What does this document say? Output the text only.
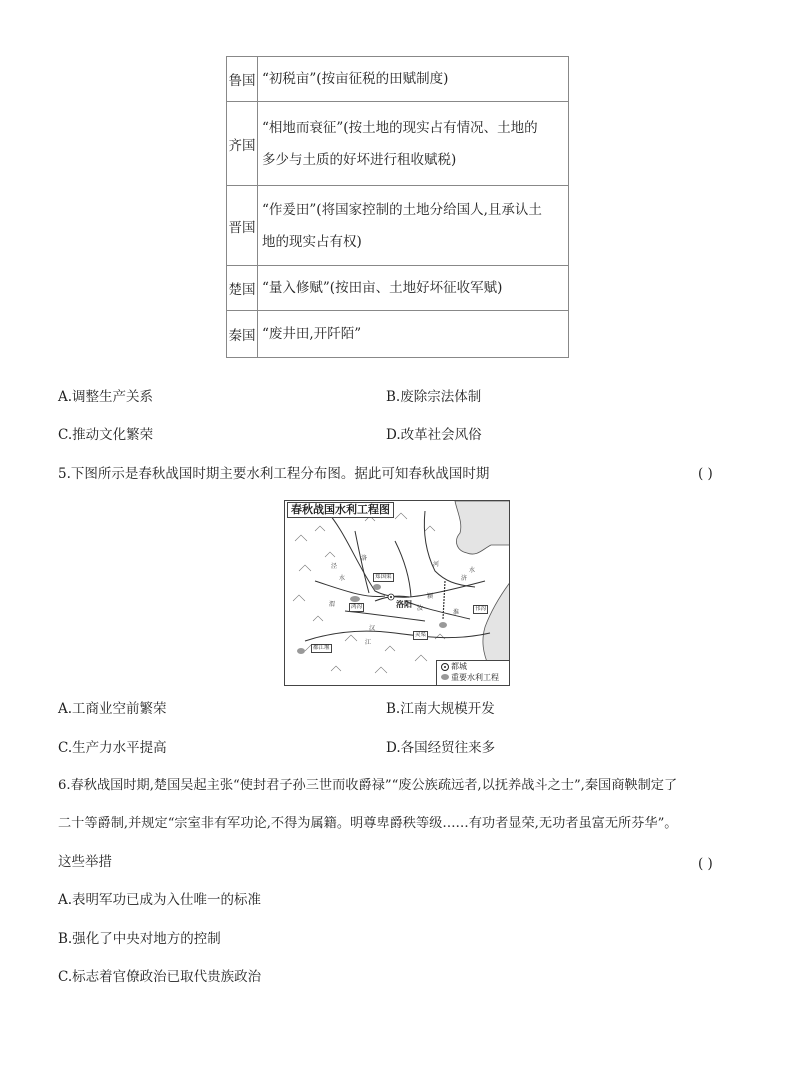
鲁国	“初税亩”(按亩征税的田赋制度)
齐国	“相地而衰征”(按土地的现实占有情况、土地的
多少与土质的好坏进行租收赋税)

晋国	“作爰田”(将国家控制的土地分给国人,且承认土
地的现实占有权)

楚国	“量入修赋”(按田亩、土地好坏征收军赋)
秦国	“废井田,开阡陌”
A.调整生产关系	B.废除宗法体制
C.推动文化繁荣	D.改革社会风俗
5.下图所示是春秋战国时期主要水利工程分布图。据此可知春秋战国时期	( )
春秋战国水利工程图
郑国渠
鸿沟
灵渠
都江堰
邗沟
洛阳
泾
渭
洛
水
河
汉
江
淮
汝
颍
济
水
都城
重要水利工程
A.工商业空前繁荣	B.江南大规模开发
C.生产力水平提高	D.各国经贸往来多
6.春秋战国时期,楚国吴起主张“使封君子孙三世而收爵禄”“废公族疏远者,以抚养战斗之士”,秦国商鞅制定了
二十等爵制,并规定“宗室非有军功论,不得为属籍。明尊卑爵秩等级……有功者显荣,无功者虽富无所芬华”。
这些举措	( )
A.表明军功已成为入仕唯一的标准
B.强化了中央对地方的控制
C.标志着官僚政治已取代贵族政治
